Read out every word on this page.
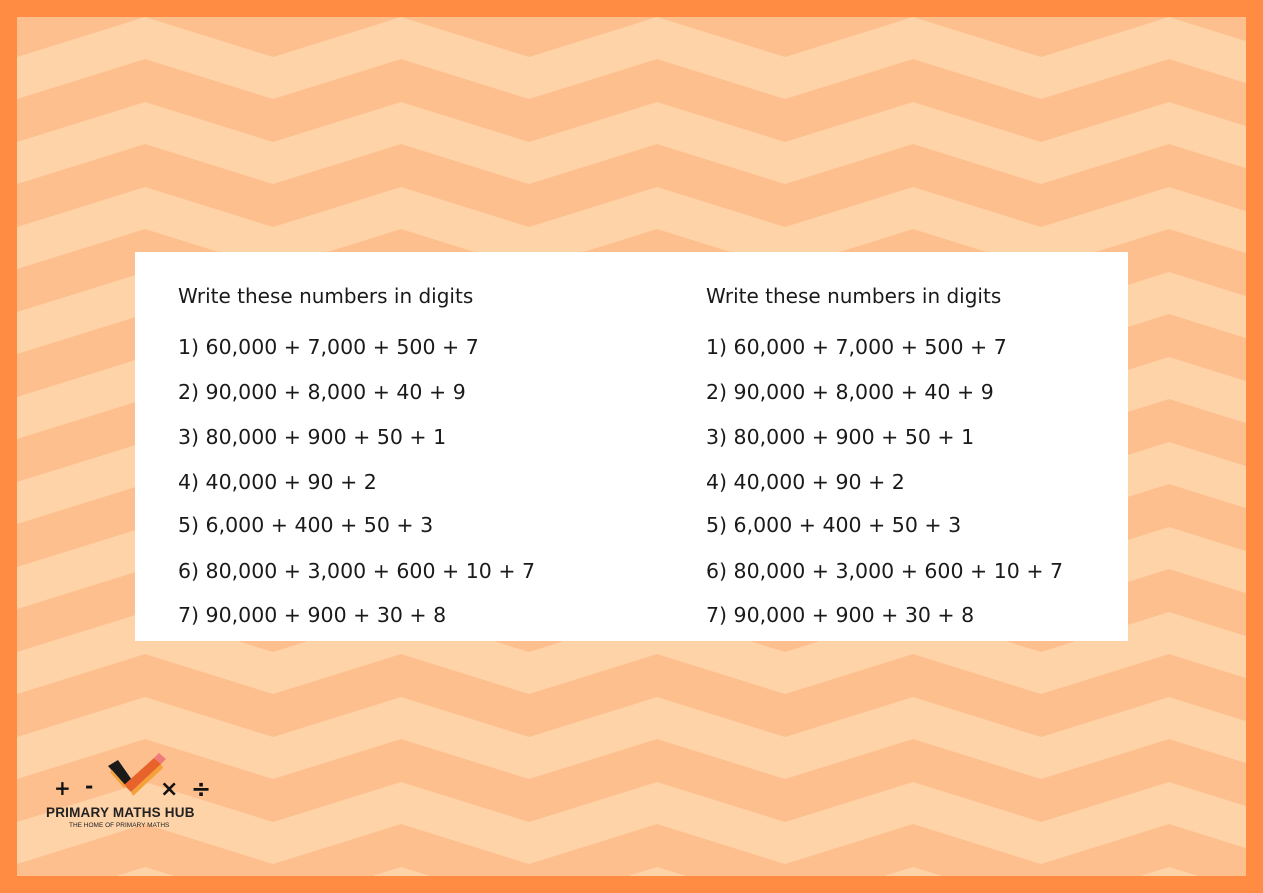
Write these numbers in digits
1) 60,000 + 7,000 + 500 + 7
2) 90,000 + 8,000 + 40 + 9
3) 80,000 + 900 + 50 + 1
4) 40,000 + 90 + 2
5) 6,000 + 400 + 50 + 3
6) 80,000 + 3,000 + 600 + 10 + 7
7) 90,000 + 900 + 30 + 8
Write these numbers in digits
1) 60,000 + 7,000 + 500 + 7
2) 90,000 + 8,000 + 40 + 9
3) 80,000 + 900 + 50 + 1
4) 40,000 + 90 + 2
5) 6,000 + 400 + 50 + 3
6) 80,000 + 3,000 + 600 + 10 + 7
7) 90,000 + 900 + 30 + 8
+ -	× ÷
PRIMARY MATHS HUB
THE HOME OF PRIMARY MATHS
